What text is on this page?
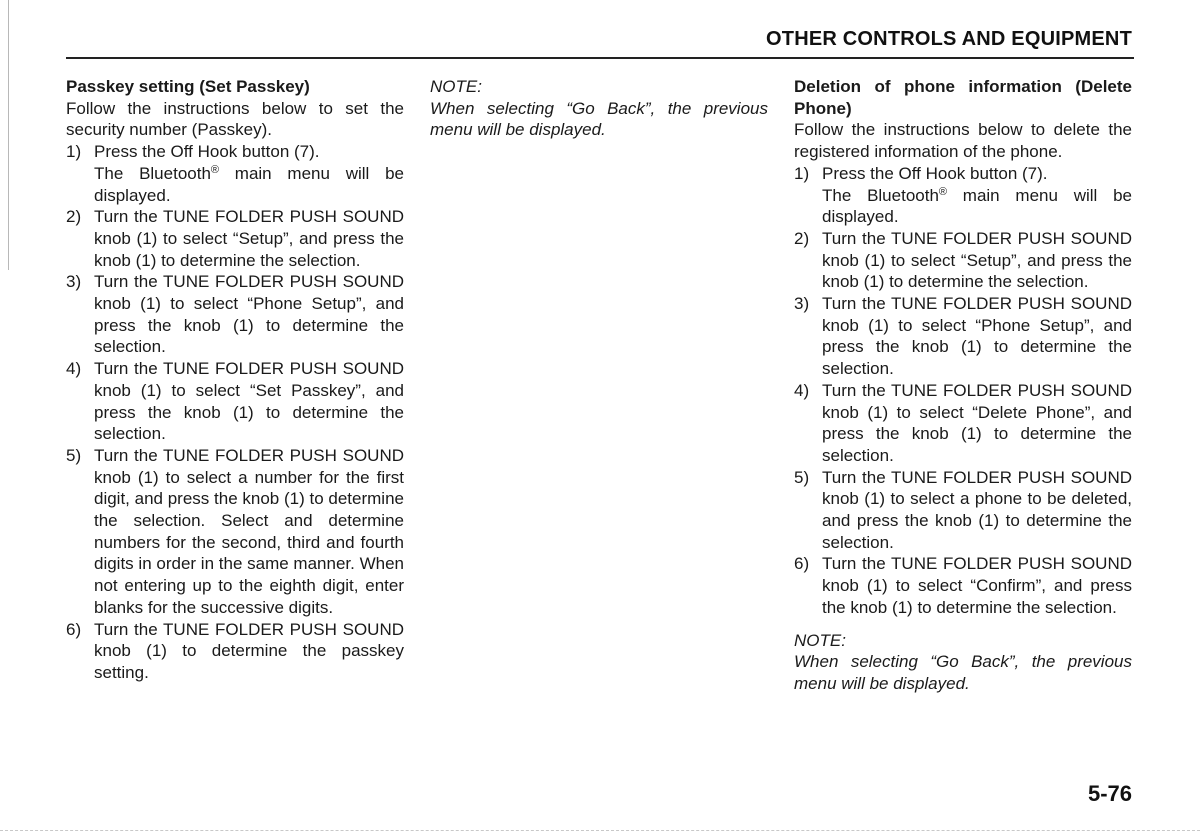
OTHER CONTROLS AND EQUIPMENT

Passkey setting (Set Passkey)

Follow the instructions below to set the security number (Passkey).

1) Press the Off Hook button (7).
The Bluetooth® main menu will be displayed.
2) Turn the TUNE FOLDER PUSH SOUND knob (1) to select “Setup”, and press the knob (1) to determine the selection.
3) Turn the TUNE FOLDER PUSH SOUND knob (1) to select “Phone Setup”, and press the knob (1) to determine the selection.
4) Turn the TUNE FOLDER PUSH SOUND knob (1) to select “Set Passkey”, and press the knob (1) to determine the selection.
5) Turn the TUNE FOLDER PUSH SOUND knob (1) to select a number for the first digit, and press the knob (1) to determine the selection. Select and determine numbers for the second, third and fourth digits in order in the same manner. When not entering up to the eighth digit, enter blanks for the successive digits.
6) Turn the TUNE FOLDER PUSH SOUND knob (1) to determine the passkey setting.

NOTE:

When selecting “Go Back”, the previous menu will be displayed.

Deletion of phone information (Delete Phone)

Follow the instructions below to delete the registered information of the phone.

1) Press the Off Hook button (7).
The Bluetooth® main menu will be displayed.
2) Turn the TUNE FOLDER PUSH SOUND knob (1) to select “Setup”, and press the knob (1) to determine the selection.
3) Turn the TUNE FOLDER PUSH SOUND knob (1) to select “Phone Setup”, and press the knob (1) to determine the selection.
4) Turn the TUNE FOLDER PUSH SOUND knob (1) to select “Delete Phone”, and press the knob (1) to determine the selection.
5) Turn the TUNE FOLDER PUSH SOUND knob (1) to select a phone to be deleted, and press the knob (1) to determine the selection.
6) Turn the TUNE FOLDER PUSH SOUND knob (1) to select “Confirm”, and press the knob (1) to determine the selection.

NOTE:

When selecting “Go Back”, the previous menu will be displayed.

5-76
